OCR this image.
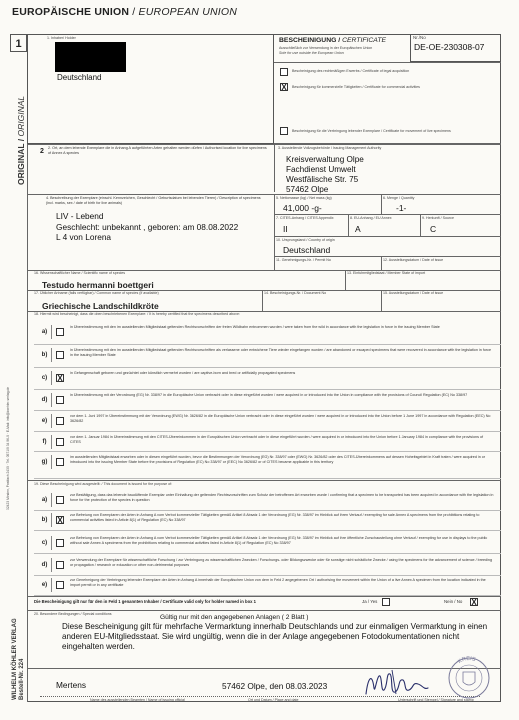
EUROPÄISCHE UNION / EUROPEAN UNION
1
ORIGINAL / ORIGINAL
WILHELM KÖHLER VERLAG Bestell-Nr. 224
32423 Minden, Postfach 2430 · Tel. 0571/9 34 96-0 · E-Mail: info@koehler-verlag.de
1. Inhaber/ Holder
Deutschland
BESCHEINIGUNG / CERTIFICATE
Ausschließlich zur Verwendung in der Europäischen Union
Sole for use outside the European Union
Nr./No
DE-OE-230308-07
Bescheinigung des rechtmäßigen Erwerbs / Certificate of legal acquisition
X	Bescheinigung für kommerzielle Tätigkeiten / Certificate for commercial activities
Bescheinigung für die Verbringung lebender Exemplare / Certificate for movement of live specimens
2 2. Ort, an dem lebende Exemplare die in Anhang A aufgeführten Arten gehalten werden dürfen / Authorised location for live specimens of Annex A species
3. Ausstellende Vollzugsbehörde / Issuing Management Authority
Kreisverwaltung Olpe
Fachdienst Umwelt
Westfälische Str. 75
57462 Olpe
4. Beschreibung der Exemplare (einschl. Kennzeichen, Geschlecht / Geburtsdatum bei lebenden Tieren) / Description of specimens (incl. marks, sex / date of birth for live animals)
LIV - Lebend
Geschlecht: unbekannt , geboren: am 08.08.2022
L 4 von Lorena
5. Nettomasse (kg) / Net mass (kg)
41,000 -g-
6. Menge / Quantity
-1-
7. CITES-Anhang / CITES Appendix
II
8. EU-Anhang / EU Annex
A
9. Herkunft / Source
C
10. Ursprungsland / Country of origin
Deutschland
11. Genehmigungs-Nr. / Permit No	12. Ausstellungsdatum / Date of issue
16. Wissenschaftlicher Name / Scientific name of species
Testudo hermanni boettgeri
13. Einfuhrmitgliedstaat / Member State of import
17. Üblicher Artname (falls verfügbar) / Common name of species (if available)
Griechische Landschildkröte
14. Bescheinigungs-Nr. / Document No	15. Ausstellungsdatum / Date of issue
18. Hiermit wird bescheinigt, dass die oben beschriebenen Exemplare: / It is hereby certified that the specimens described above:
a)
in Übereinstimmung mit den im ausstellenden Mitgliedstaat geltenden Rechtsvorschriften der freien Wildbahn entnommen wurden / were taken from the wild in accordance with the legislation in force in the issuing Member State
b)
in Übereinstimmung mit den im ausstellenden Mitgliedstaat geltenden Rechtsvorschriften als verlassene oder entwichene Tiere wieder eingefangen wurden / are abandoned or escaped specimens that were recovered in accordance with the legislation in force in the issuing Member State
c)	X
in Gefangenschaft geboren und gezüchtet oder künstlich vermehrt wurden / are captive-born and bred or artificially propagated specimens
d)
in Übereinstimmung mit der Verordnung (EG) Nr. 338/97 in die Europäische Union verbracht oder in diese eingeführt wurden / were acquired in or introduced into the Union in compliance with the provisions of Council Regulation (EC) No 338/97
e)
vor dem 1. Juni 1997 in Übereinstimmung mit der Verordnung (EWG) Nr. 3626/82 in die Europäische Union verbracht oder in diese eingeführt wurden / were acquired in or introduced into the Union before 1 June 1997 in accordance with Regulation (EEC) No 3626/82
f)
vor dem 1. Januar 1984 in Übereinstimmung mit den CITES-Übereinkommen in der Europäischen Union verbracht oder in diese eingeführt wurden / were acquired in or introduced into the Union before 1 January 1984 in compliance with the provisions of CITES
g)
im ausstellenden Mitgliedstaat erworben oder in diesen eingeführt wurden, bevor die Bestimmungen der Verordnung (EG) Nr. 338/97 oder (EWG) Nr. 3626/82 oder des CITES-Übereinkommens auf dessen Hoheitsgebiet in Kraft traten / were acquired in or introduced into the issuing Member State before the provisions of Regulation (EC) No 338/97 or (EEC) No 3626/82 or of CITES became applicable in this territory
19. Diese Bescheinigung wird ausgestellt: / This document is issued for the purpose of:
a)
zur Bestätigung, dass das lebende baudüftende Exemplar unter Einhaltung der geltenden Rechtsvorschriften zum Schutz der betroffenen Art erworben wurde / confirming that a specimen to be transported has been acquired in accordance with the legislation in force for the protection of the species in question
b)	X
zur Befreiung von Exemplaren der Arten in Anhang A vom Verbot kommerzieller Tätigkeiten gemäß Artikel 8 Absatz 1 der Verordnung (EG) Nr. 338/97 im Hinblick auf ihren Verkauf / exempting for sale Annex A specimens from the prohibitions relating to commercial activities listed in Article 8(1) of Regulation (EC) No 338/97
c)
zur Befreiung von Exemplaren der Arten in Anhang A vom Verbot kommerzieller Tätigkeiten gemäß Artikel 8 Absatz 1 der Verordnung (EG) Nr. 338/97 im Hinblick auf ihre öffentliche Zurschaustellung ohne Verkauf / exempting for use in displays to the public without sale Annex A specimens from the prohibitions relating to commercial activities listed in Article 8(1) of Regulation (EC) No 338/97
d)
zur Verwendung der Exemplare für wissenschaftliche Forschung / zur Verbringung zu wissenschaftlichen Zwecken / Forschungs- oder Bildungszwecke oder für sonstige nicht schädliche Zwecke / using the specimens for the advancement of science / breeding or propagation / research or education or other non-detrimental purposes
e)
zur Genehmigung der Verbringung lebender Exemplare der Arten in Anhang A innerhalb der Europäischen Union von dem in Feld 2 angegebenen Ort / authorising the movement within the Union of a live Annex A specimen from the location indicated in the import permit or in any certificate
Die Bescheinigung gilt nur für den in Feld 1 genannten Inhaber / Certificate valid only for holder named in box 1	Ja / Yes	Nein / No X
20. Besondere Bedingungen / Special conditions	Gültig nur mit den angegebenen Anlagen ( 2 Blatt )
Diese Bescheinigung gilt für mehrfache Vermarktung innerhalb Deutschlands und zur einmaligen Vermarktung in einen anderen EU-Mitgliedsstaat. Sie wird ungültig, wenn die in der Anlage angegebenen Fotodokumentationen nicht eingehalten werden.
Mertens	57462 Olpe, den 08.03.2023
Name des ausstellenden Beamten / Name of issuing official	Ort und Datum / Place and date	Unterschrift und Stempel / Signature and stamp
KREIS
